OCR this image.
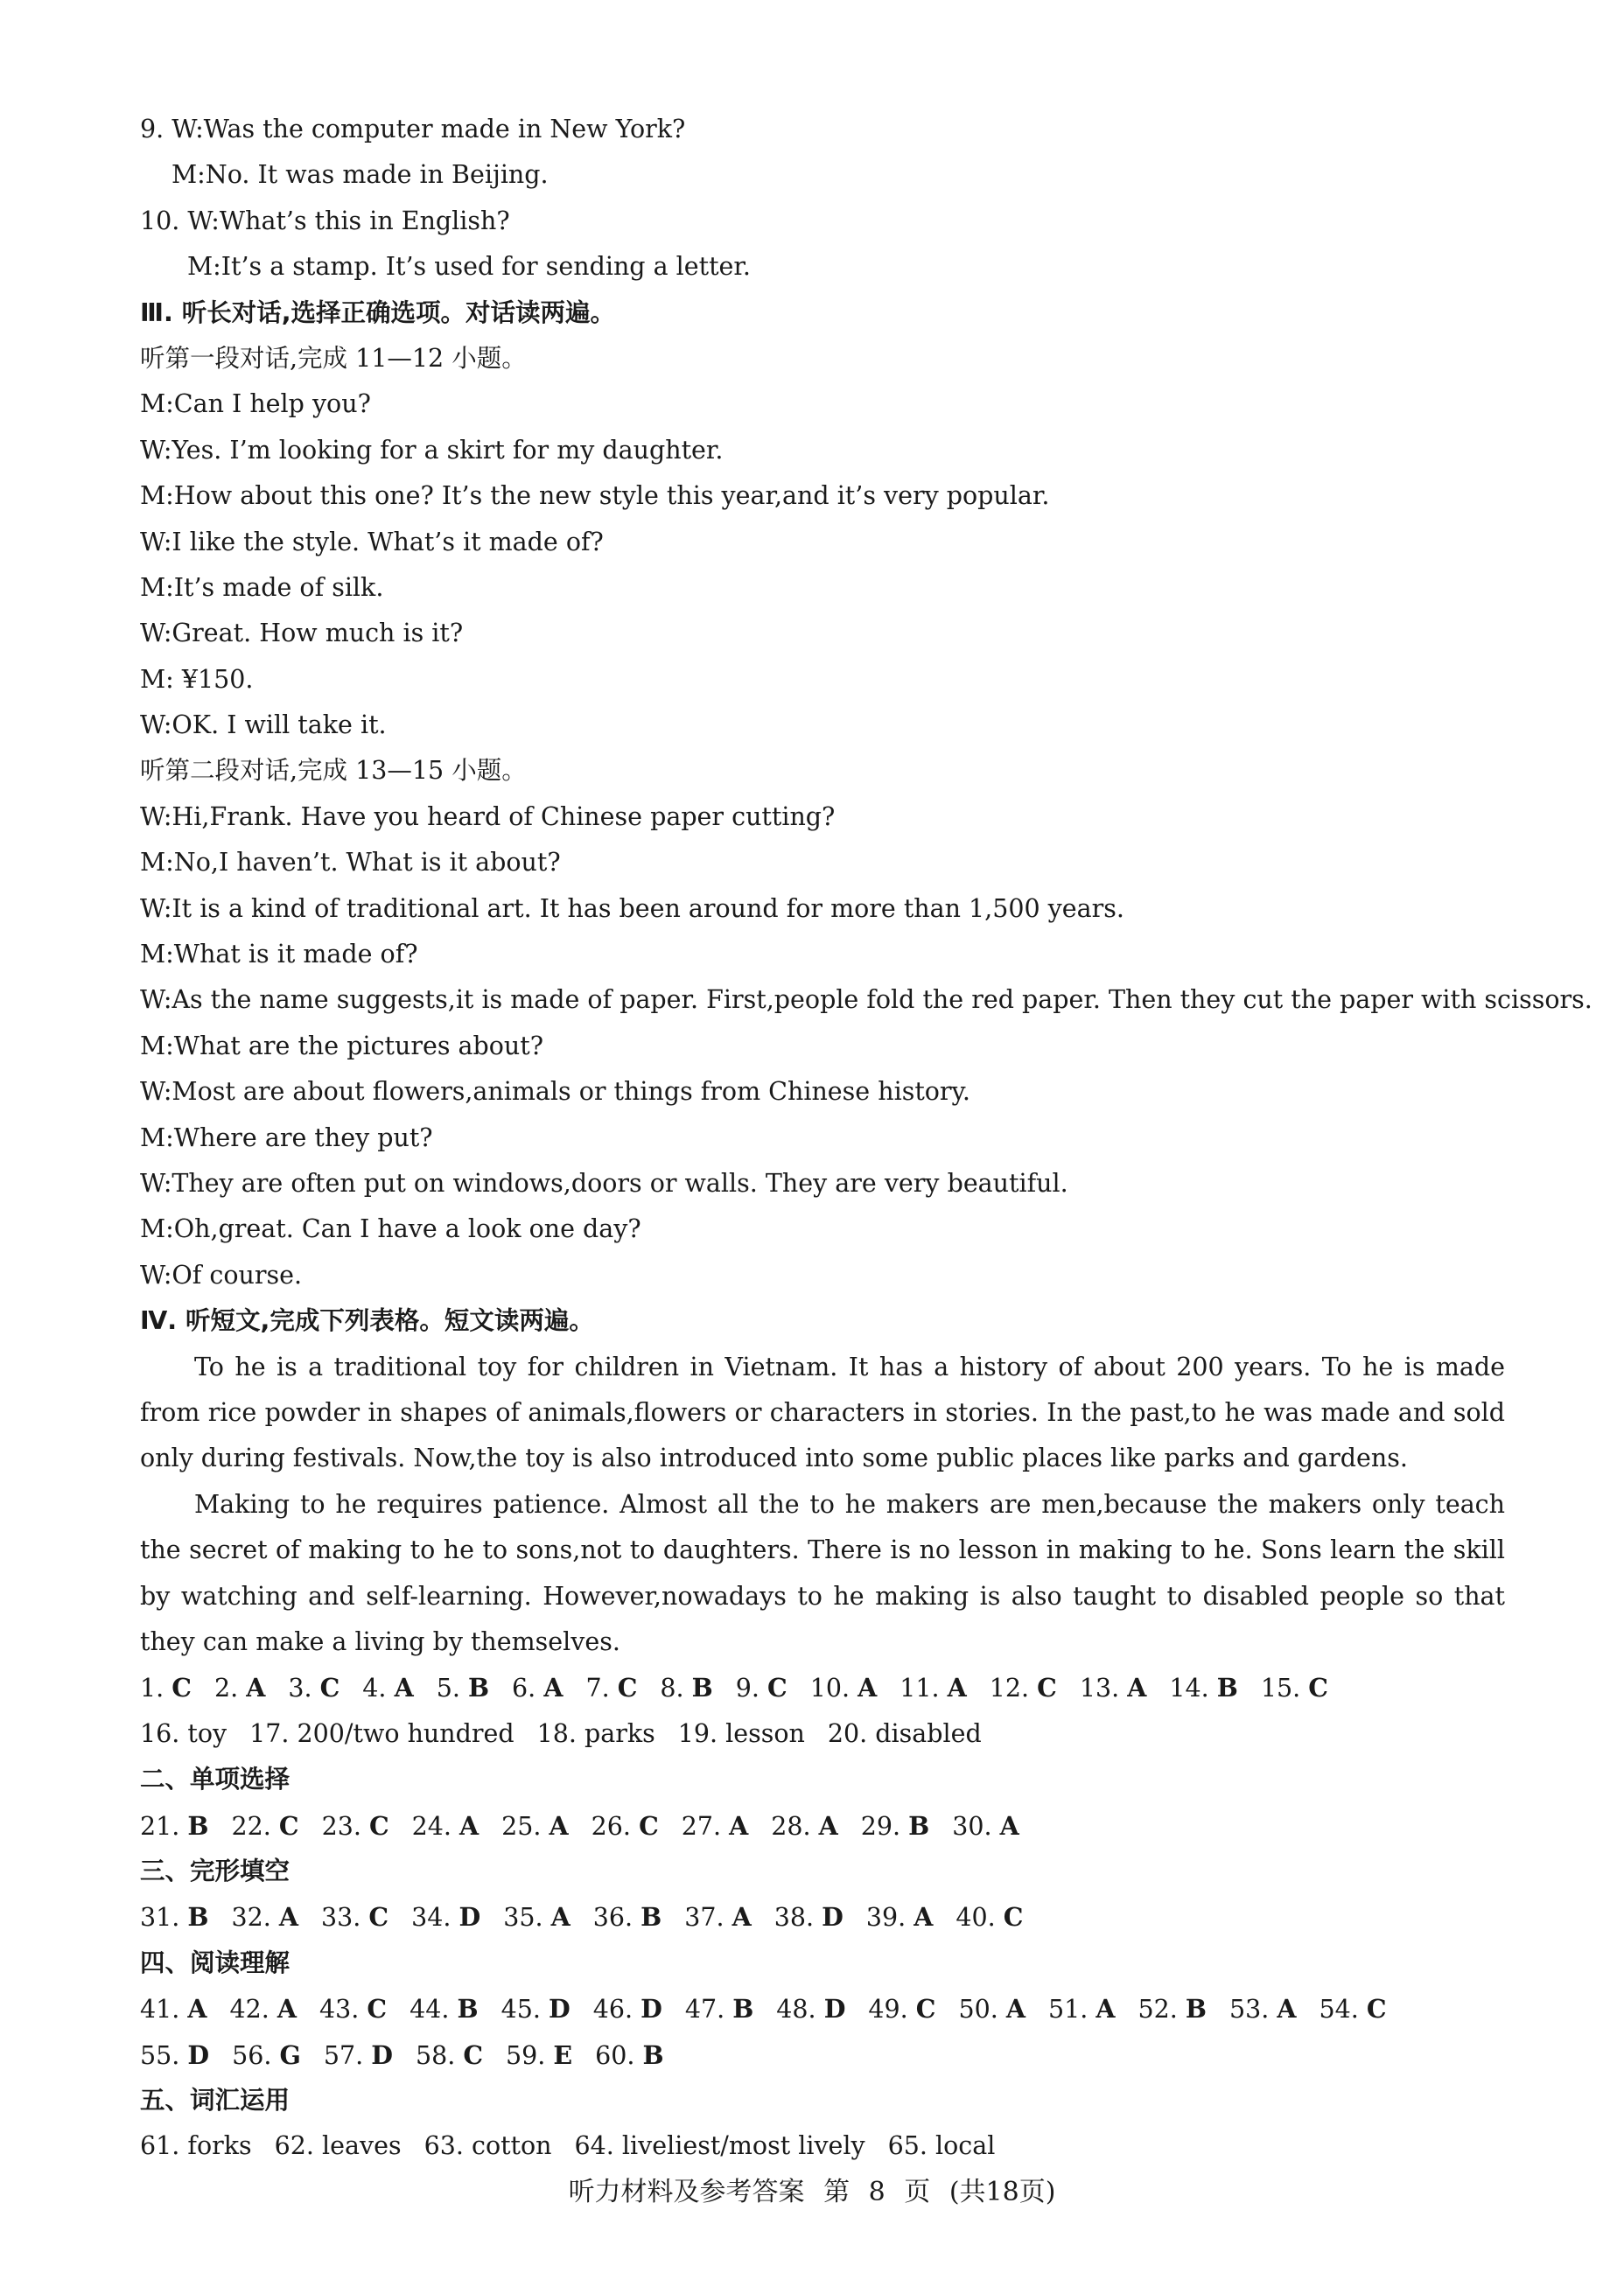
9. W:Was the computer made in New York?
M:No. It was made in Beijing.
10. W:What’s this in English?
M:It’s a stamp. It’s used for sending a letter.
Ⅲ. 听长对话,选择正确选项。对话读两遍。
听第一段对话,完成 11—12 小题。
M:Can I help you?
W:Yes. I’m looking for a skirt for my daughter.
M:How about this one? It’s the new style this year,and it’s very popular.
W:I like the style. What’s it made of?
M:It’s made of silk.
W:Great. How much is it?
M: ¥150.
W:OK. I will take it.
听第二段对话,完成 13—15 小题。
W:Hi,Frank. Have you heard of Chinese paper cutting?
M:No,I haven’t. What is it about?
W:It is a kind of traditional art. It has been around for more than 1,500 years.
M:What is it made of?
W:As the name suggests,it is made of paper. First,people fold the red paper. Then they cut the paper with scissors.
M:What are the pictures about?
W:Most are about flowers,animals or things from Chinese history.
M:Where are they put?
W:They are often put on windows,doors or walls. They are very beautiful.
M:Oh,great. Can I have a look one day?
W:Of course.
Ⅳ. 听短文,完成下列表格。短文读两遍。
To he is a traditional toy for children in Vietnam. It has a history of about 200 years. To he is made from rice powder in shapes of animals,flowers or characters in stories. In the past,to he was made and sold only during festivals. Now,the toy is also introduced into some public places like parks and gardens.
Making to he requires patience. Almost all the to he makers are men,because the makers only teach the secret of making to he to sons,not to daughters. There is no lesson in making to he. Sons learn the skill by watching and self-learning. However,nowadays to he making is also taught to disabled people so that they can make a living by themselves.
1. C 2. A 3. C 4. A 5. B 6. A 7. C 8. B 9. C 10. A 11. A 12. C 13. A 14. B 15. C
16. toy 17. 200/two hundred 18. parks 19. lesson 20. disabled
二、单项选择
21. B 22. C 23. C 24. A 25. A 26. C 27. A 28. A 29. B 30. A
三、完形填空
31. B 32. A 33. C 34. D 35. A 36. B 37. A 38. D 39. A 40. C
四、阅读理解
41. A 42. A 43. C 44. B 45. D 46. D 47. B 48. D 49. C 50. A 51. A 52. B 53. A 54. C
55. D 56. G 57. D 58. C 59. E 60. B
五、词汇运用
61. forks 62. leaves 63. cotton 64. liveliest/most lively 65. local
听力材料及参考答案 第 8 页 (共18页)
